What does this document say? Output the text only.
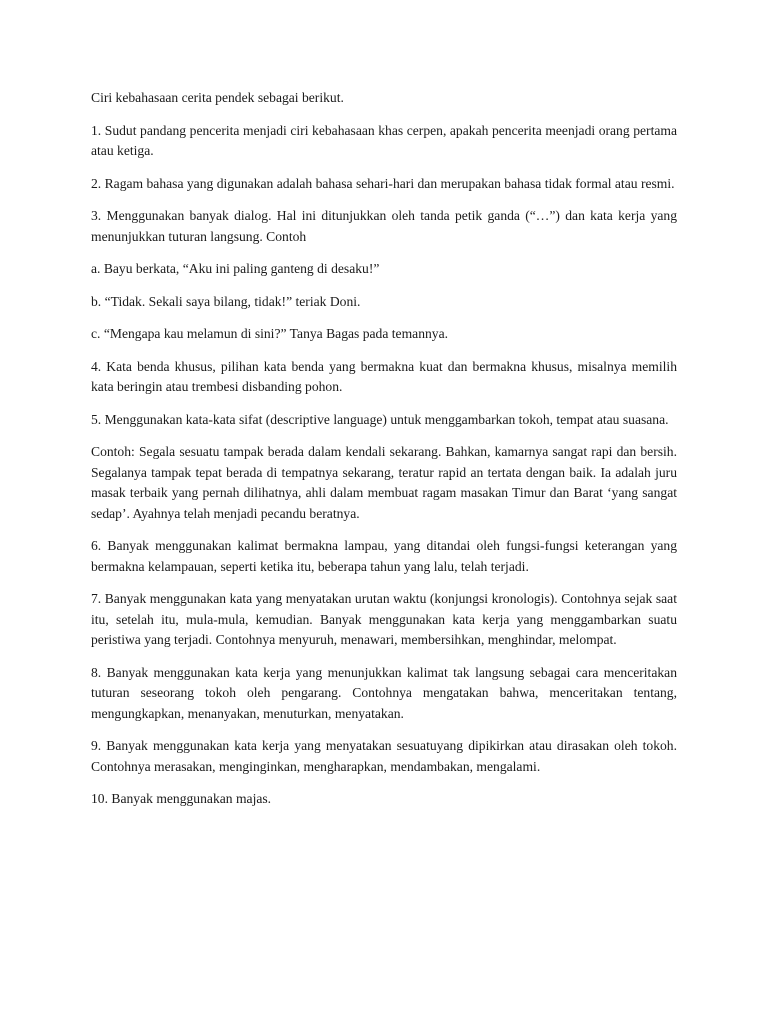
Ciri kebahasaan cerita pendek sebagai berikut.

1. Sudut pandang pencerita menjadi ciri kebahasaan khas cerpen, apakah pencerita meenjadi orang pertama atau ketiga.

2. Ragam bahasa yang digunakan adalah bahasa sehari-hari dan merupakan bahasa tidak formal atau resmi.

3. Menggunakan banyak dialog. Hal ini ditunjukkan oleh tanda petik ganda (“…”) dan kata kerja yang menunjukkan tuturan langsung. Contoh

a. Bayu berkata, “Aku ini paling ganteng di desaku!”

b. “Tidak. Sekali saya bilang, tidak!” teriak Doni.

c. “Mengapa kau melamun di sini?” Tanya Bagas pada temannya.

4. Kata benda khusus, pilihan kata benda yang bermakna kuat dan bermakna khusus, misalnya memilih kata beringin atau trembesi disbanding pohon.

5. Menggunakan kata-kata sifat (descriptive language) untuk menggambarkan tokoh, tempat atau suasana.

Contoh: Segala sesuatu tampak berada dalam kendali sekarang. Bahkan, kamarnya sangat rapi dan bersih. Segalanya tampak tepat berada di tempatnya sekarang, teratur rapid an tertata dengan baik. Ia adalah juru masak terbaik yang pernah dilihatnya, ahli dalam membuat ragam masakan Timur dan Barat ‘yang sangat sedap’. Ayahnya telah menjadi pecandu beratnya.

6. Banyak menggunakan kalimat bermakna lampau, yang ditandai oleh fungsi-fungsi keterangan yang bermakna kelampauan, seperti ketika itu, beberapa tahun yang lalu, telah terjadi.

7. Banyak menggunakan kata yang menyatakan urutan waktu (konjungsi kronologis). Contohnya sejak saat itu, setelah itu, mula-mula, kemudian. Banyak menggunakan kata kerja yang menggambarkan suatu peristiwa yang terjadi. Contohnya menyuruh, menawari, membersihkan, menghindar, melompat.

8. Banyak menggunakan kata kerja yang menunjukkan kalimat tak langsung sebagai cara menceritakan tuturan seseorang tokoh oleh pengarang. Contohnya mengatakan bahwa, menceritakan tentang, mengungkapkan, menanyakan, menuturkan, menyatakan.

9. Banyak menggunakan kata kerja yang menyatakan sesuatuyang dipikirkan atau dirasakan oleh tokoh. Contohnya merasakan, menginginkan, mengharapkan, mendambakan, mengalami.

10. Banyak menggunakan majas.
